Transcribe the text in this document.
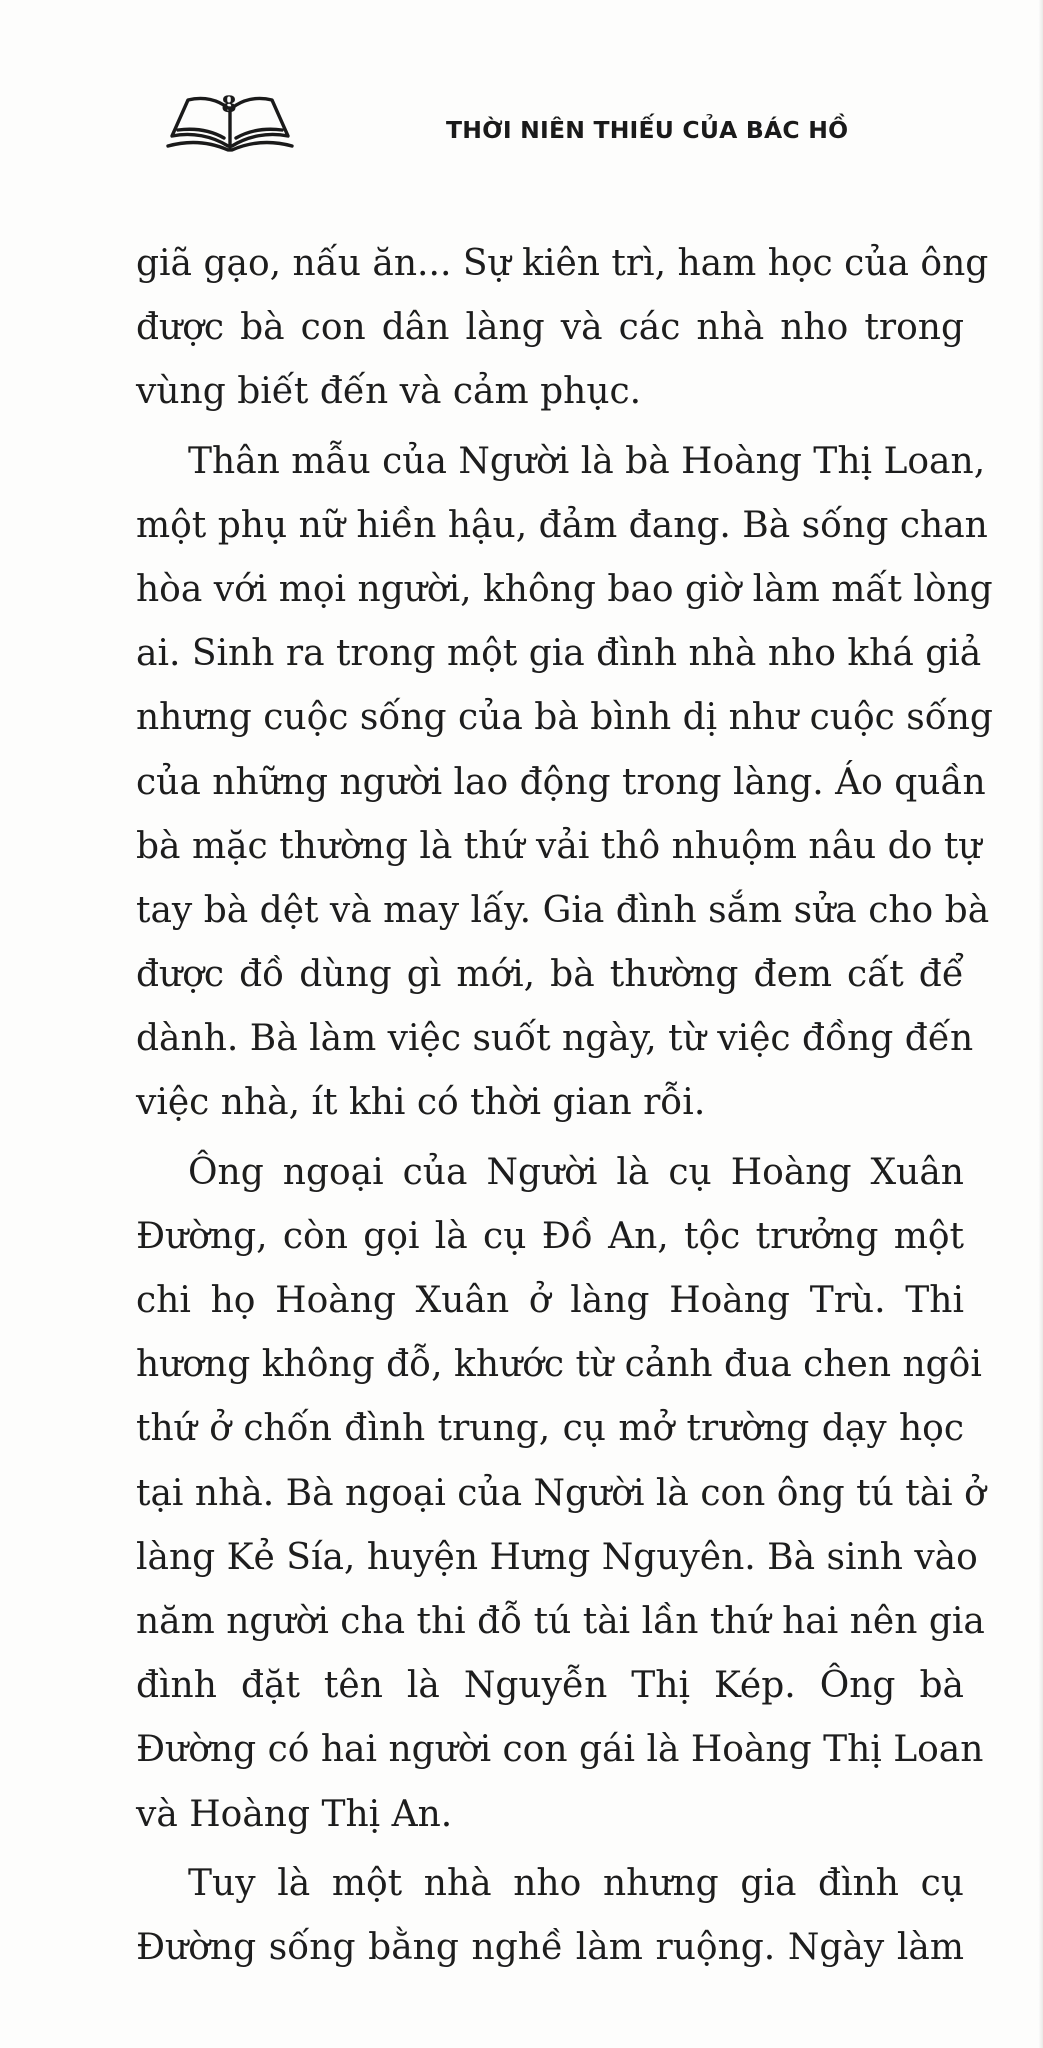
8
THỜI NIÊN THIẾU CỦA BÁC HỒ
giã gạo, nấu ăn... Sự kiên trì, ham học của ông
được bà con dân làng và các nhà nho trong
vùng biết đến và cảm phục.
Thân mẫu của Người là bà Hoàng Thị Loan,
một phụ nữ hiền hậu, đảm đang. Bà sống chan
hòa với mọi người, không bao giờ làm mất lòng
ai. Sinh ra trong một gia đình nhà nho khá giả
nhưng cuộc sống của bà bình dị như cuộc sống
của những người lao động trong làng. Áo quần
bà mặc thường là thứ vải thô nhuộm nâu do tự
tay bà dệt và may lấy. Gia đình sắm sửa cho bà
được đồ dùng gì mới, bà thường đem cất để
dành. Bà làm việc suốt ngày, từ việc đồng đến
việc nhà, ít khi có thời gian rỗi.
Ông ngoại của Người là cụ Hoàng Xuân
Đường, còn gọi là cụ Đồ An, tộc trưởng một
chi họ Hoàng Xuân ở làng Hoàng Trù. Thi
hương không đỗ, khước từ cảnh đua chen ngôi
thứ ở chốn đình trung, cụ mở trường dạy học
tại nhà. Bà ngoại của Người là con ông tú tài ở
làng Kẻ Sía, huyện Hưng Nguyên. Bà sinh vào
năm người cha thi đỗ tú tài lần thứ hai nên gia
đình đặt tên là Nguyễn Thị Kép. Ông bà
Đường có hai người con gái là Hoàng Thị Loan
và Hoàng Thị An.
Tuy là một nhà nho nhưng gia đình cụ
Đường sống bằng nghề làm ruộng. Ngày làm
